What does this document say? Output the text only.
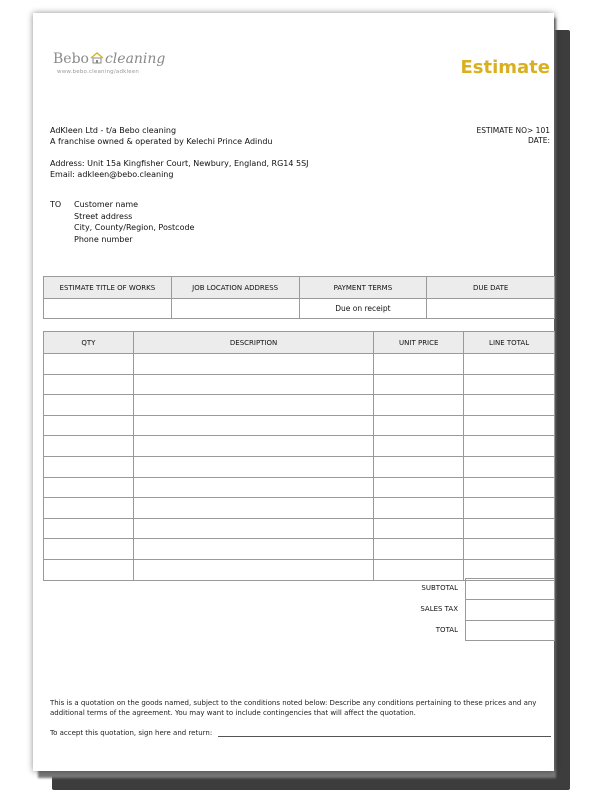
Bebo cleaning
www.bebo.cleaning/adkleen	Estimate
AdKleen Ltd - t/a Bebo cleaning
A franchise owned & operated by Kelechi Prince Adindu
Address: Unit 15a Kingfisher Court, Newbury, England, RG14 5SJ
Email: adkleen@bebo.cleaning
ESTIMATE NO> 101
DATE:
TO Customer name
Street address
City, County/Region, Postcode
Phone number
ESTIMATE TITLE OF WORKS	JOB LOCATION ADDRESS	PAYMENT TERMS	DUE DATE
		Due on receipt	
QTY	DESCRIPTION	UNIT PRICE	LINE TOTAL

SUBTOTAL
SALES TAX
TOTAL

This is a quotation on the goods named, subject to the conditions noted below: Describe any conditions pertaining to these prices and any additional terms of the agreement. You may want to include contingencies that will affect the quotation.
To accept this quotation, sign here and return:
